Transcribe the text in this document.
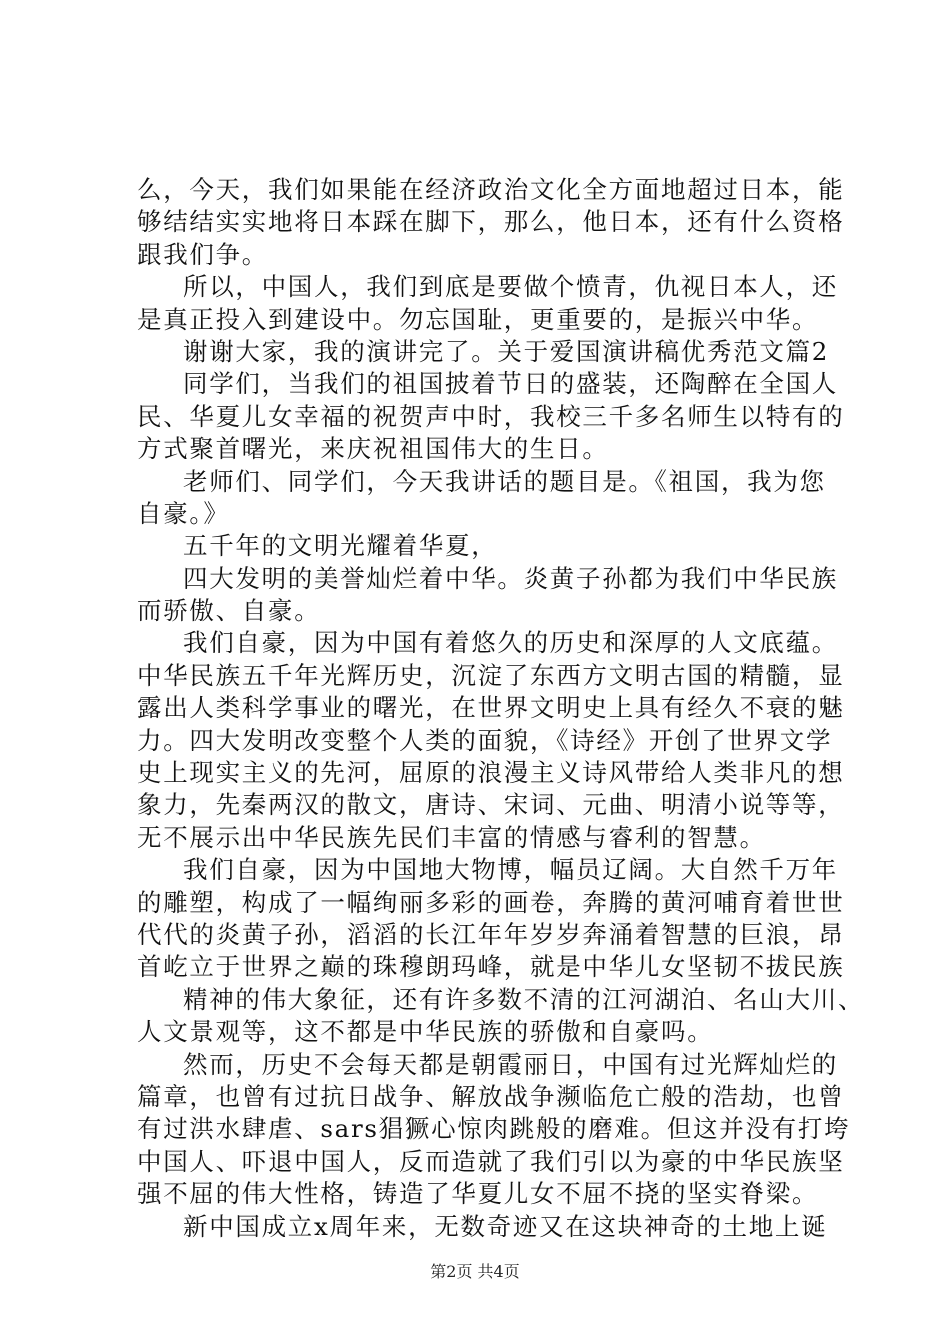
么，今天，我们如果能在经济政治文化全方面地超过日本，能
够结结实实地将日本踩在脚下，那么，他日本，还有什么资格
跟我们争。
所以，中国人，我们到底是要做个愤青，仇视日本人，还
是真正投入到建设中。勿忘国耻，更重要的，是振兴中华。
谢谢大家，我的演讲完了。关于爱国演讲稿优秀范文篇2
同学们，当我们的祖国披着节日的盛装，还陶醉在全国人
民、华夏儿女幸福的祝贺声中时，我校三千多名师生以特有的
方式聚首曙光，来庆祝祖国伟大的生日。
老师们、同学们，今天我讲话的题目是。《祖国，我为您
自豪。》
五千年的文明光耀着华夏，
四大发明的美誉灿烂着中华。炎黄子孙都为我们中华民族
而骄傲、自豪。
我们自豪，因为中国有着悠久的历史和深厚的人文底蕴。
中华民族五千年光辉历史，沉淀了东西方文明古国的精髓，显
露出人类科学事业的曙光，在世界文明史上具有经久不衰的魅
力。四大发明改变整个人类的面貌，《诗经》开创了世界文学
史上现实主义的先河，屈原的浪漫主义诗风带给人类非凡的想
象力，先秦两汉的散文，唐诗、宋词、元曲、明清小说等等，
无不展示出中华民族先民们丰富的情感与睿利的智慧。
我们自豪，因为中国地大物博，幅员辽阔。大自然千万年
的雕塑，构成了一幅绚丽多彩的画卷，奔腾的黄河哺育着世世
代代的炎黄子孙，滔滔的长江年年岁岁奔涌着智慧的巨浪，昂
首屹立于世界之巅的珠穆朗玛峰，就是中华儿女坚韧不拔民族
精神的伟大象征，还有许多数不清的江河湖泊、名山大川、
人文景观等，这不都是中华民族的骄傲和自豪吗。
然而，历史不会每天都是朝霞丽日，中国有过光辉灿烂的
篇章，也曾有过抗日战争、解放战争濒临危亡般的浩劫，也曾
有过洪水肆虐、sars猖獗心惊肉跳般的磨难。但这并没有打垮
中国人、吓退中国人，反而造就了我们引以为豪的中华民族坚
强不屈的伟大性格，铸造了华夏儿女不屈不挠的坚实脊梁。
新中国成立x周年来，无数奇迹又在这块神奇的土地上诞
第2页 共4页
